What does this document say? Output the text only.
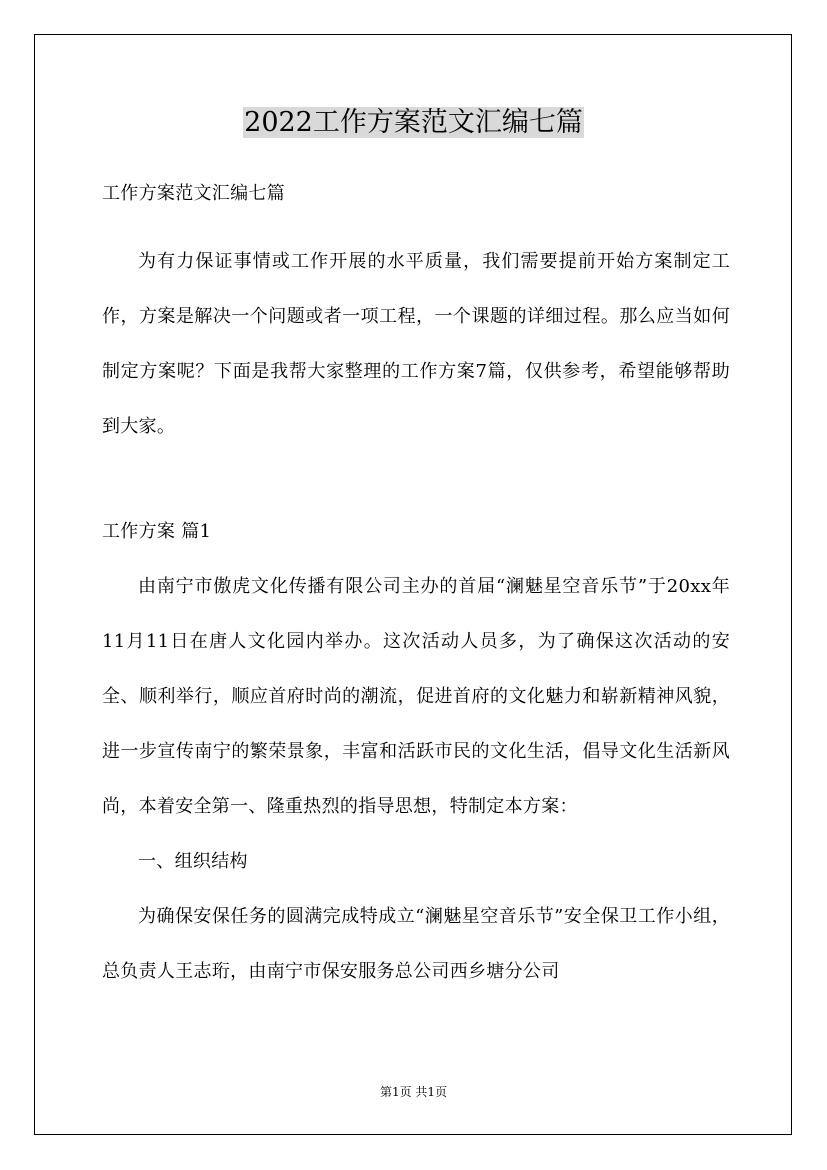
2022工作方案范文汇编七篇
工作方案范文汇编七篇

为有力保证事情或工作开展的水平质量，我们需要提前开始方案制定工作，方案是解决一个问题或者一项工程，一个课题的详细过程。那么应当如何制定方案呢？下面是我帮大家整理的工作方案7篇，仅供参考，希望能够帮助到大家。

工作方案 篇1

由南宁市傲虎文化传播有限公司主办的首届“澜魅星空音乐节”于20xx年11月11日在唐人文化园内举办。这次活动人员多，为了确保这次活动的安全、顺利举行，顺应首府时尚的潮流，促进首府的文化魅力和崭新精神风貌，进一步宣传南宁的繁荣景象，丰富和活跃市民的文化生活，倡导文化生活新风尚，本着安全第一、隆重热烈的指导思想，特制定本方案：

一、组织结构

为确保安保任务的圆满完成特成立“澜魅星空音乐节”安全保卫工作小组，总负责人王志珩，由南宁市保安服务总公司西乡塘分公司

第1页 共1页
